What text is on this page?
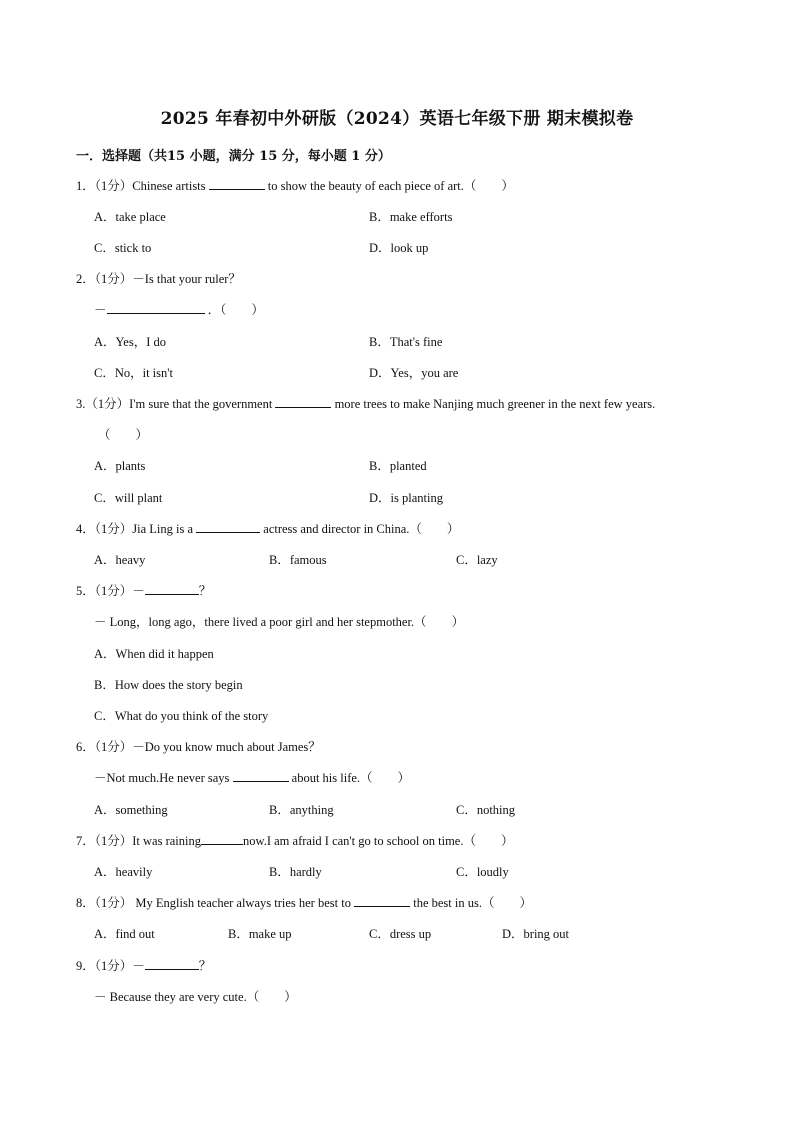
2025 年春初中外研版（2024）英语七年级下册 期末模拟卷
一．选择题（共15 小题，满分 15 分，每小题 1 分）
1．（1分）Chinese artists	to show the beauty of each piece of art.（　　）
A．take place	B．make efforts
C．stick to	D．look up
2．（1分）－Is that your ruler？
－	．（　　）
A．Yes，I do	B．That's fine
C．No，it isn't	D．Yes，you are
3.（1分）I'm sure that the government	more trees to make Nanjing much greener in the next few years.
（　　）
A．plants	B．planted
C．will plant	D．is planting
4．（1分）Jia Ling is a	actress and director in China.（　　）
A．heavy	B．famous	C．lazy
5．（1分）－	？
－ Long，long ago，there lived a poor girl and her stepmother.（　　）
A．When did it happen
B．How does the story begin
C．What do you think of the story
6．（1分）－Do you know much about James？
－Not much.He never says	about his life.（　　）
A．something	B．anything	C．nothing
7．（1分）It was raining	now.I am afraid I can't go to school on time.（　　）
A．heavily	B．hardly	C．loudly
8．（1分） My English teacher always tries her best to	the best in us.（　　）
A．find out	B．make up	C．dress up	D．bring out
9．（1分）－	？
－ Because they are very cute.（　　）
